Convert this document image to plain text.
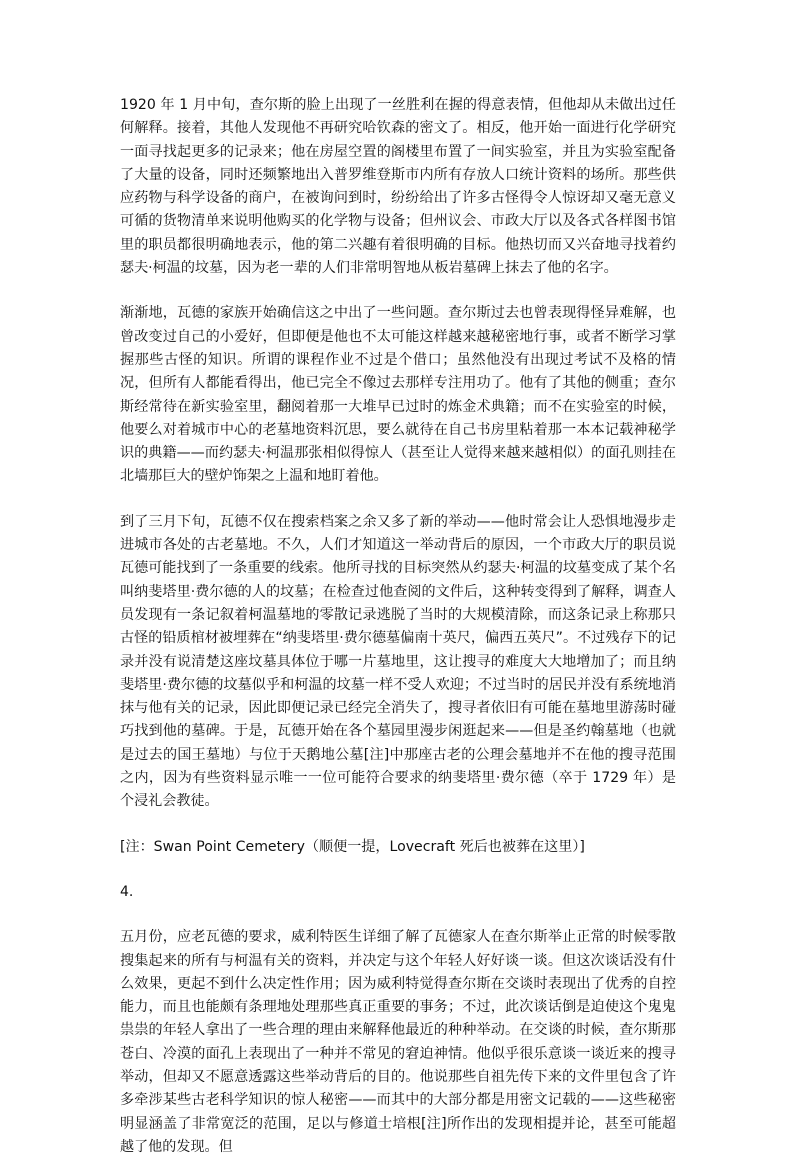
1920 年 1 月中旬，查尔斯的脸上出现了一丝胜利在握的得意表情，但他却从未做出过任何解释。接着，其他人发现他不再研究哈钦森的密文了。相反，他开始一面进行化学研究一面寻找起更多的记录来；他在房屋空置的阁楼里布置了一间实验室，并且为实验室配备了大量的设备，同时还频繁地出入普罗维登斯市内所有存放人口统计资料的场所。那些供应药物与科学设备的商户，在被询问到时，纷纷给出了许多古怪得令人惊讶却又毫无意义可循的货物清单来说明他购买的化学物与设备；但州议会、市政大厅以及各式各样图书馆里的职员都很明确地表示，他的第二兴趣有着很明确的目标。他热切而又兴奋地寻找着约瑟夫·柯温的坟墓，因为老一辈的人们非常明智地从板岩墓碑上抹去了他的名字。

渐渐地，瓦德的家族开始确信这之中出了一些问题。查尔斯过去也曾表现得怪异难解，也曾改变过自己的小爱好，但即便是他也不太可能这样越来越秘密地行事，或者不断学习掌握那些古怪的知识。所谓的课程作业不过是个借口；虽然他没有出现过考试不及格的情况，但所有人都能看得出，他已完全不像过去那样专注用功了。他有了其他的侧重；查尔斯经常待在新实验室里，翻阅着那一大堆早已过时的炼金术典籍；而不在实验室的时候，他要么对着城市中心的老墓地资料沉思，要么就待在自己书房里粘着那一本本记载神秘学识的典籍——而约瑟夫·柯温那张相似得惊人（甚至让人觉得来越来越相似）的面孔则挂在北墙那巨大的壁炉饰架之上温和地盯着他。

到了三月下旬，瓦德不仅在搜索档案之余又多了新的举动——他时常会让人恐惧地漫步走进城市各处的古老墓地。不久，人们才知道这一举动背后的原因，一个市政大厅的职员说瓦德可能找到了一条重要的线索。他所寻找的目标突然从约瑟夫·柯温的坟墓变成了某个名叫纳斐塔里·费尔德的人的坟墓；在检查过他查阅的文件后，这种转变得到了解释，调查人员发现有一条记叙着柯温墓地的零散记录逃脱了当时的大规模清除，而这条记录上称那只古怪的铅质棺材被埋葬在“纳斐塔里·费尔德墓偏南十英尺，偏西五英尺”。不过残存下的记录并没有说清楚这座坟墓具体位于哪一片墓地里，这让搜寻的难度大大地增加了；而且纳斐塔里·费尔德的坟墓似乎和柯温的坟墓一样不受人欢迎；不过当时的居民并没有系统地消抹与他有关的记录，因此即便记录已经完全消失了，搜寻者依旧有可能在墓地里游荡时碰巧找到他的墓碑。于是，瓦德开始在各个墓园里漫步闲逛起来——但是圣约翰墓地（也就是过去的国王墓地）与位于天鹅地公墓[注]中那座古老的公理会墓地并不在他的搜寻范围之内，因为有些资料显示唯一一位可能符合要求的纳斐塔里·费尔德（卒于 1729 年）是个浸礼会教徒。

[注：Swan Point Cemetery（顺便一提，Lovecraft 死后也被葬在这里）]

4.

五月份，应老瓦德的要求，威利特医生详细了解了瓦德家人在查尔斯举止正常的时候零散搜集起来的所有与柯温有关的资料，并决定与这个年轻人好好谈一谈。但这次谈话没有什么效果，更起不到什么决定性作用；因为威利特觉得查尔斯在交谈时表现出了优秀的自控能力，而且也能颇有条理地处理那些真正重要的事务；不过，此次谈话倒是迫使这个鬼鬼祟祟的年轻人拿出了一些合理的理由来解释他最近的种种举动。在交谈的时候，查尔斯那苍白、冷漠的面孔上表现出了一种并不常见的窘迫神情。他似乎很乐意谈一谈近来的搜寻举动，但却又不愿意透露这些举动背后的目的。他说那些自祖先传下来的文件里包含了许多牵涉某些古老科学知识的惊人秘密——而其中的大部分都是用密文记载的——这些秘密明显涵盖了非常宽泛的范围，足以与修道士培根[注]所作出的发现相提并论，甚至可能超越了他的发现。但
